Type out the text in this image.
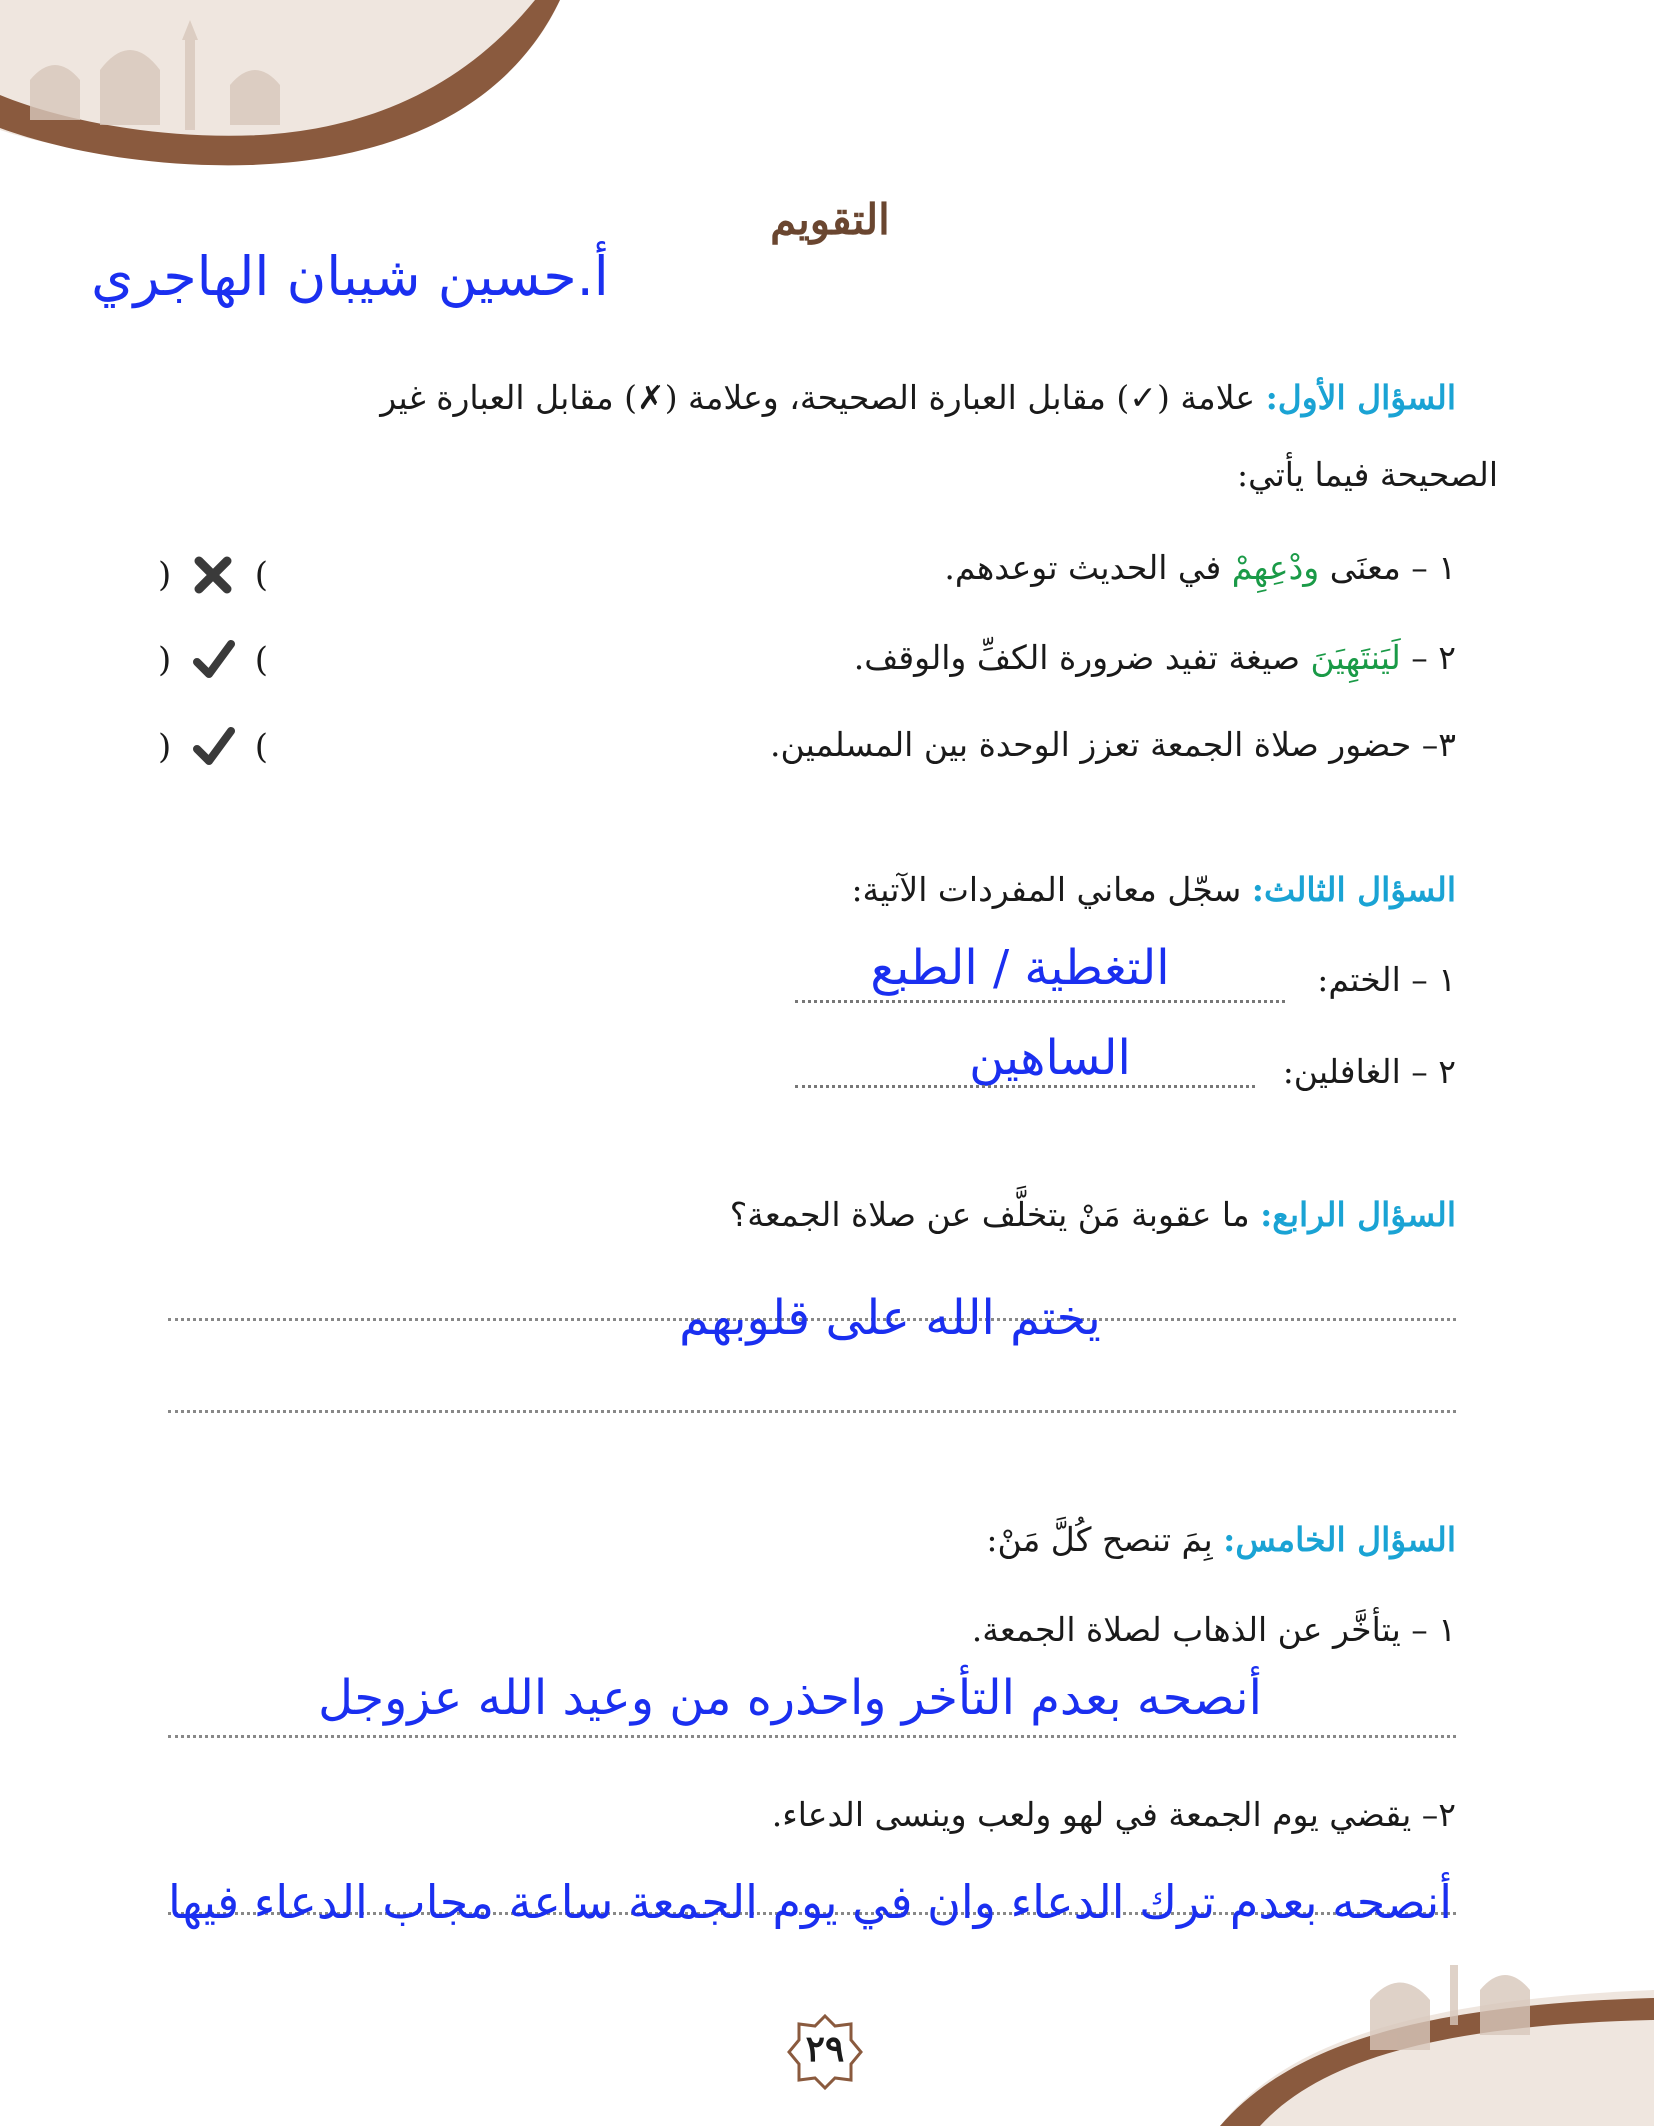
التقويم
أ.حسين شيبان الهاجري
السؤال الأول: علامة (✓) مقابل العبارة الصحيحة، وعلامة (✗) مقابل العبارة غير
الصحيحة فيما يأتي:
١ – معنَى ودْعِهِمْ في الحديث توعدهم.
) (
٢ – لَيَنتَهِيَنَ صيغة تفيد ضرورة الكفِّ والوقف.
) (
٣– حضور صلاة الجمعة تعزز الوحدة بين المسلمين.
) (
السؤال الثالث: سجّل معاني المفردات الآتية:
التغطية / الطبع	١ – الختم:
الساهين	٢ – الغافلين:
السؤال الرابع: ما عقوبة مَنْ يتخلَّف عن صلاة الجمعة؟
يختم الله على قلوبهم
السؤال الخامس: بِمَ تنصح كُلَّ مَنْ:
١ – يتأخَّر عن الذهاب لصلاة الجمعة.
أنصحه بعدم التأخر واحذره من وعيد الله عزوجل
٢– يقضي يوم الجمعة في لهو ولعب وينسى الدعاء.
أنصحه بعدم ترك الدعاء وان في يوم الجمعة ساعة مجاب الدعاء فيها
٢٩
